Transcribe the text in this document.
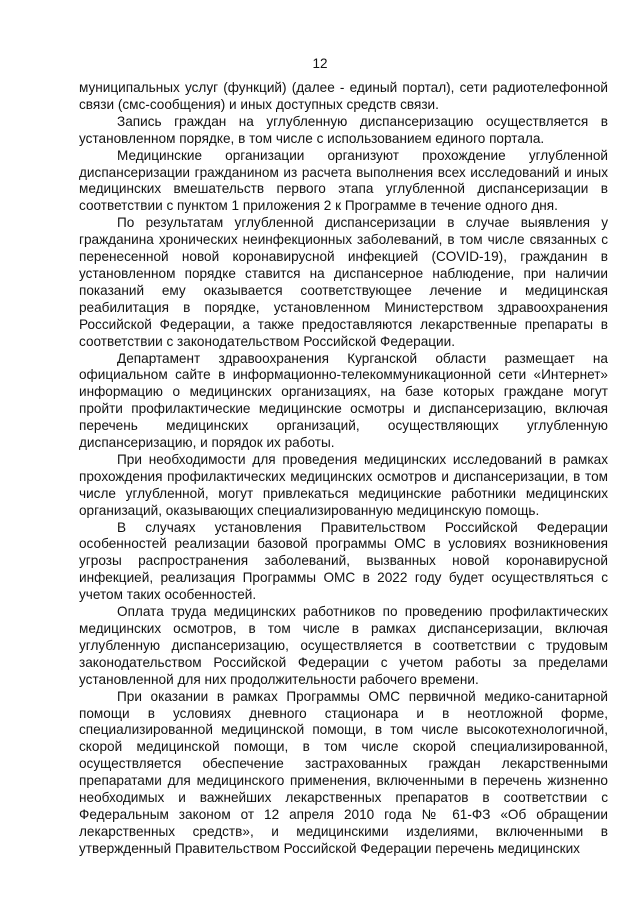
12

муниципальных услуг (функций) (далее - единый портал), сети радиотелефонной связи (смс-сообщения) и иных доступных средств связи.

Запись граждан на углубленную диспансеризацию осуществляется в установленном порядке, в том числе с использованием единого портала.

Медицинские организации организуют прохождение углубленной диспансеризации гражданином из расчета выполнения всех исследований и иных медицинских вмешательств первого этапа углубленной диспансеризации в соответствии с пунктом 1 приложения 2 к Программе в течение одного дня.

По результатам углубленной диспансеризации в случае выявления у гражданина хронических неинфекционных заболеваний, в том числе связанных с перенесенной новой коронавирусной инфекцией (COVID-19), гражданин в установленном порядке ставится на диспансерное наблюдение, при наличии показаний ему оказывается соответствующее лечение и медицинская реабилитация в порядке, установленном Министерством здравоохранения Российской Федерации, а также предоставляются лекарственные препараты в соответствии с законодательством Российской Федерации.

Департамент здравоохранения Курганской области размещает на официальном сайте в информационно-телекоммуникационной сети «Интернет» информацию о медицинских организациях, на базе которых граждане могут пройти профилактические медицинские осмотры и диспансеризацию, включая перечень медицинских организаций, осуществляющих углубленную диспансеризацию, и порядок их работы.

При необходимости для проведения медицинских исследований в рамках прохождения профилактических медицинских осмотров и диспансеризации, в том числе углубленной, могут привлекаться медицинские работники медицинских организаций, оказывающих специализированную медицинскую помощь.

В случаях установления Правительством Российской Федерации особенностей реализации базовой программы ОМС в условиях возникновения угрозы распространения заболеваний, вызванных новой коронавирусной инфекцией, реализация Программы ОМС в 2022 году будет осуществляться с учетом таких особенностей.

Оплата труда медицинских работников по проведению профилактических медицинских осмотров, в том числе в рамках диспансеризации, включая углубленную диспансеризацию, осуществляется в соответствии с трудовым законодательством Российской Федерации с учетом работы за пределами установленной для них продолжительности рабочего времени.

При оказании в рамках Программы ОМС первичной медико-санитарной помощи в условиях дневного стационара и в неотложной форме, специализированной медицинской помощи, в том числе высокотехнологичной, скорой медицинской помощи, в том числе скорой специализированной, осуществляется обеспечение застрахованных граждан лекарственными препаратами для медицинского применения, включенными в перечень жизненно необходимых и важнейших лекарственных препаратов в соответствии с Федеральным законом от 12 апреля 2010 года № 61-ФЗ «Об обращении лекарственных средств», и медицинскими изделиями, включенными в утвержденный Правительством Российской Федерации перечень медицинских
